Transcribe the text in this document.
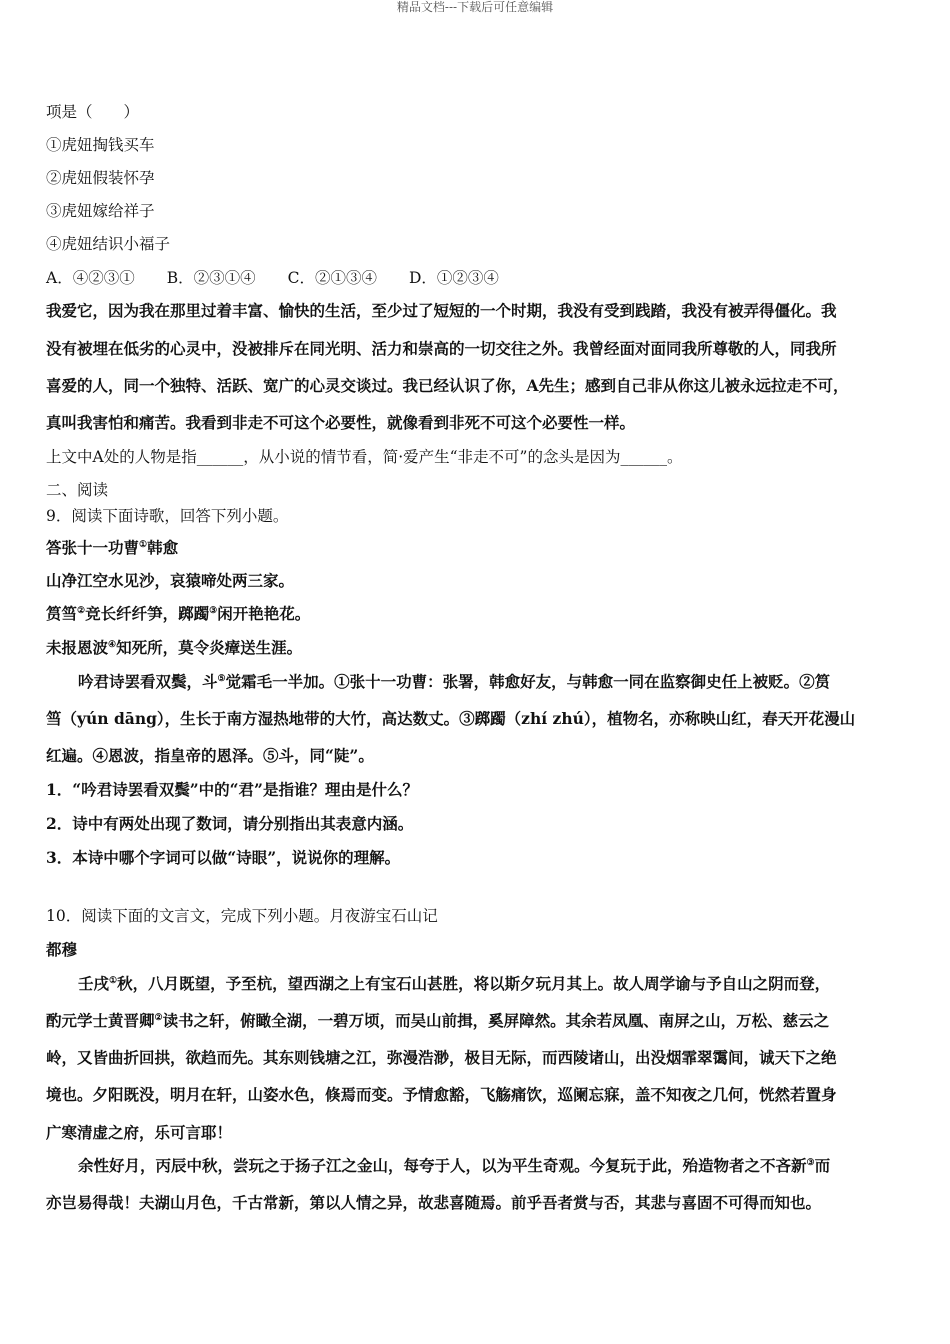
精品文档---下载后可任意编辑
项是（　　）
①虎妞掏钱买车
②虎妞假装怀孕
③虎妞嫁给祥子
④虎妞结识小福子
A．④②③① B．②③①④ C．②①③④ D．①②③④
我爱它，因为我在那里过着丰富、愉快的生活，至少过了短短的一个时期，我没有受到践踏，我没有被弄得僵化。我
没有被埋在低劣的心灵中，没被排斥在同光明、活力和崇高的一切交往之外。我曾经面对面同我所尊敬的人，同我所
喜爱的人，同一个独特、活跃、宽广的心灵交谈过。我已经认识了你，A先生；感到自己非从你这儿被永远拉走不可，
真叫我害怕和痛苦。我看到非走不可这个必要性，就像看到非死不可这个必要性一样。
上文中A处的人物是指______，从小说的情节看，简·爱产生“非走不可”的念头是因为______。
二、阅读
9．阅读下面诗歌，回答下列小题。
答张十一功曹①韩愈
山净江空水见沙，哀猿啼处两三家。
筼筜②竞长纤纤笋，踯躅③闲开艳艳花。
未报恩波④知死所，莫令炎瘴送生涯。
吟君诗罢看双鬓，斗⑤觉霜毛一半加。①张十一功曹：张署，韩愈好友，与韩愈一同在监察御史任上被贬。②筼
筜（yún dāng），生长于南方湿热地带的大竹，高达数丈。③踯躅（zhí zhú），植物名，亦称映山红，春天开花漫山
红遍。④恩波，指皇帝的恩泽。⑤斗，同“陡”。
1．“吟君诗罢看双鬓”中的“君”是指谁？理由是什么？
2．诗中有两处出现了数词，请分别指出其表意内涵。
3．本诗中哪个字词可以做“诗眼”，说说你的理解。
10．阅读下面的文言文，完成下列小题。月夜游宝石山记
都穆
壬戌①秋，八月既望，予至杭，望西湖之上有宝石山甚胜，将以斯夕玩月其上。故人周学谕与予自山之阴而登，
酌元学士黄晋卿②读书之轩，俯瞰全湖，一碧万顷，而吴山前揖，奚屏障然。其余若凤凰、南屏之山，万松、慈云之
岭，又皆曲折回拱，欲趋而先。其东则钱塘之江，弥漫浩渺，极目无际，而西陵诸山，出没烟霏翠霭间，诚天下之绝
境也。夕阳既没，明月在轩，山姿水色，倏焉而变。予情愈豁，飞觞痛饮，巡阑忘寐，盖不知夜之几何，恍然若置身
广寒清虚之府，乐可言耶！
余性好月，丙辰中秋，尝玩之于扬子江之金山，每夸于人，以为平生奇观。今复玩于此，殆造物者之不吝新③而
亦岂易得哉！夫湖山月色，千古常新，第以人情之异，故悲喜随焉。前乎吾者赏与否，其悲与喜固不可得而知也。
